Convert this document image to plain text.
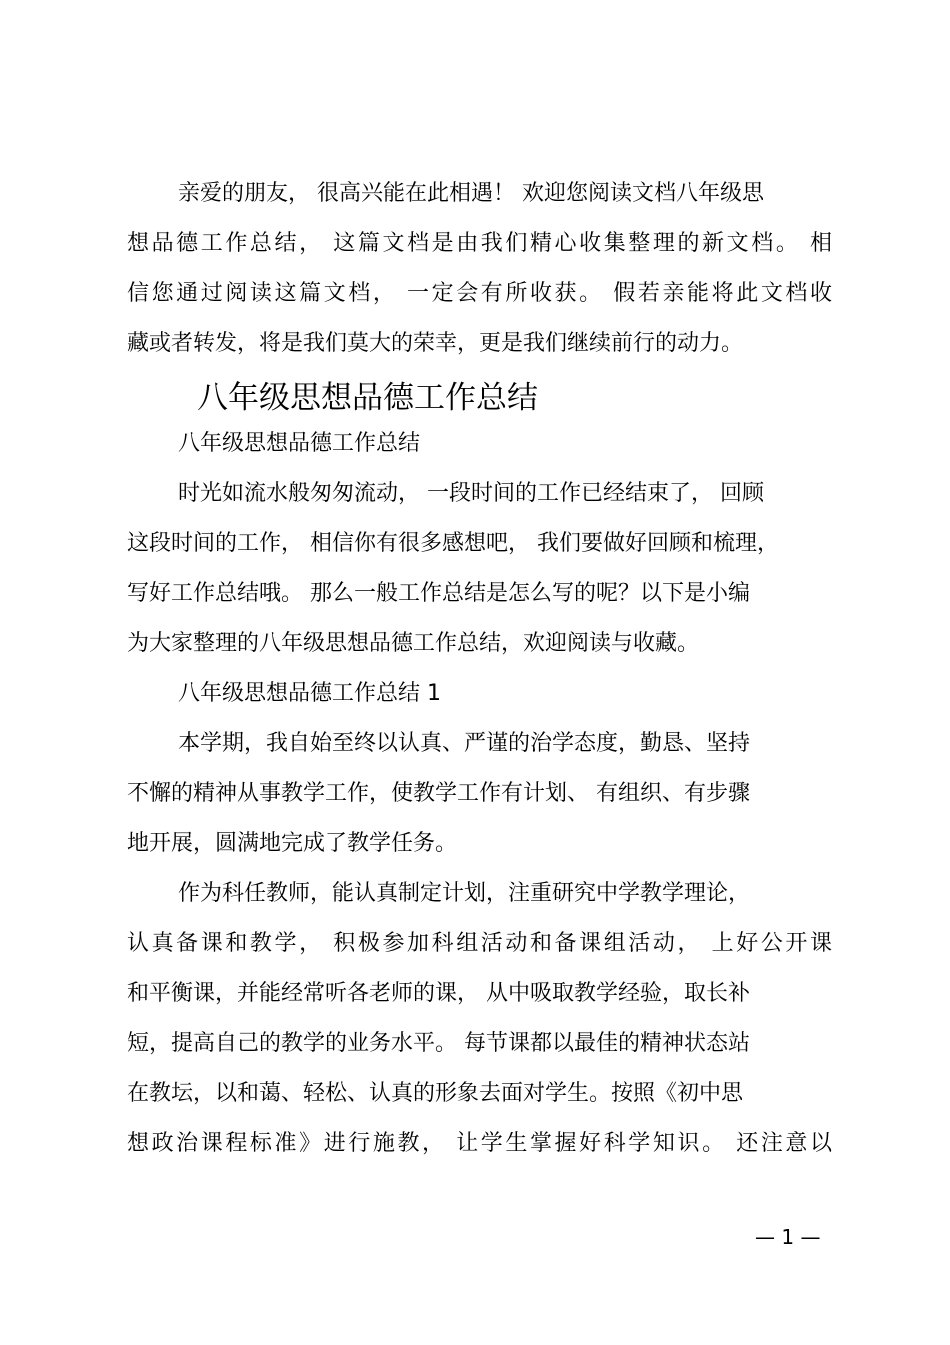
亲爱的朋友， 很高兴能在此相遇！ 欢迎您阅读文档八年级思
想品德工作总结， 这篇文档是由我们精心收集整理的新文档。 相
信您通过阅读这篇文档， 一定会有所收获。 假若亲能将此文档收
藏或者转发，将是我们莫大的荣幸，更是我们继续前行的动力。
八年级思想品德工作总结
八年级思想品德工作总结
时光如流水般匆匆流动， 一段时间的工作已经结束了， 回顾
这段时间的工作， 相信你有很多感想吧， 我们要做好回顾和梳理，
写好工作总结哦。 那么一般工作总结是怎么写的呢？以下是小编
为大家整理的八年级思想品德工作总结，欢迎阅读与收藏。
八年级思想品德工作总结 1
本学期，我自始至终以认真、严谨的治学态度，勤恳、坚持
不懈的精神从事教学工作，使教学工作有计划、 有组织、有步骤
地开展，圆满地完成了教学任务。
作为科任教师，能认真制定计划，注重研究中学教学理论，
认真备课和教学， 积极参加科组活动和备课组活动， 上好公开课
和平衡课，并能经常听各老师的课， 从中吸取教学经验，取长补
短，提高自己的教学的业务水平。 每节课都以最佳的精神状态站
在教坛，以和蔼、轻松、认真的形象去面对学生。按照《初中思
想政治课程标准》进行施教， 让学生掌握好科学知识。 还注意以
— 1 —
